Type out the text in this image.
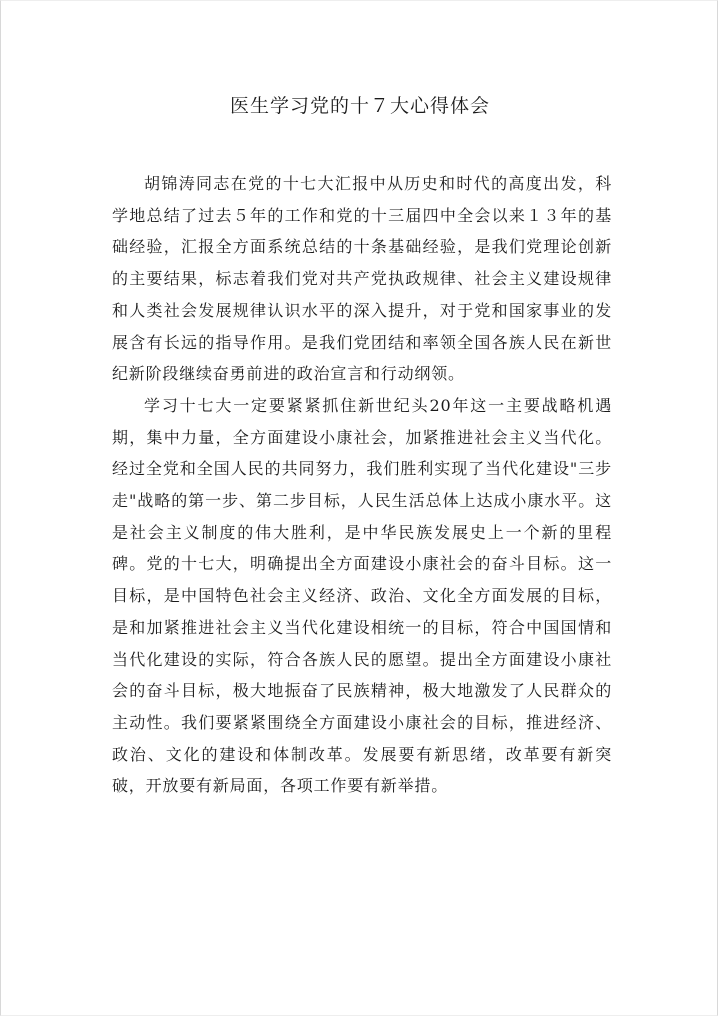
医生学习党的十７大心得体会

胡锦涛同志在党的十七大汇报中从历史和时代的高度出发，科学地总结了过去５年的工作和党的十三届四中全会以来１３年的基础经验，汇报全方面系统总结的十条基础经验，是我们党理论创新的主要结果，标志着我们党对共产党执政规律、社会主义建设规律和人类社会发展规律认识水平的深入提升，对于党和国家事业的发展含有长远的指导作用。是我们党团结和率领全国各族人民在新世纪新阶段继续奋勇前进的政治宣言和行动纲领。

学习十七大一定要紧紧抓住新世纪头20年这一主要战略机遇期，集中力量，全方面建设小康社会，加紧推进社会主义当代化。经过全党和全国人民的共同努力，我们胜利实现了当代化建设"三步走"战略的第一步、第二步目标，人民生活总体上达成小康水平。这是社会主义制度的伟大胜利，是中华民族发展史上一个新的里程碑。党的十七大，明确提出全方面建设小康社会的奋斗目标。这一目标，是中国特色社会主义经济、政治、文化全方面发展的目标，是和加紧推进社会主义当代化建设相统一的目标，符合中国国情和当代化建设的实际，符合各族人民的愿望。提出全方面建设小康社会的奋斗目标，极大地振奋了民族精神，极大地激发了人民群众的主动性。我们要紧紧围绕全方面建设小康社会的目标，推进经济、政治、文化的建设和体制改革。发展要有新思绪，改革要有新突破，开放要有新局面，各项工作要有新举措。
